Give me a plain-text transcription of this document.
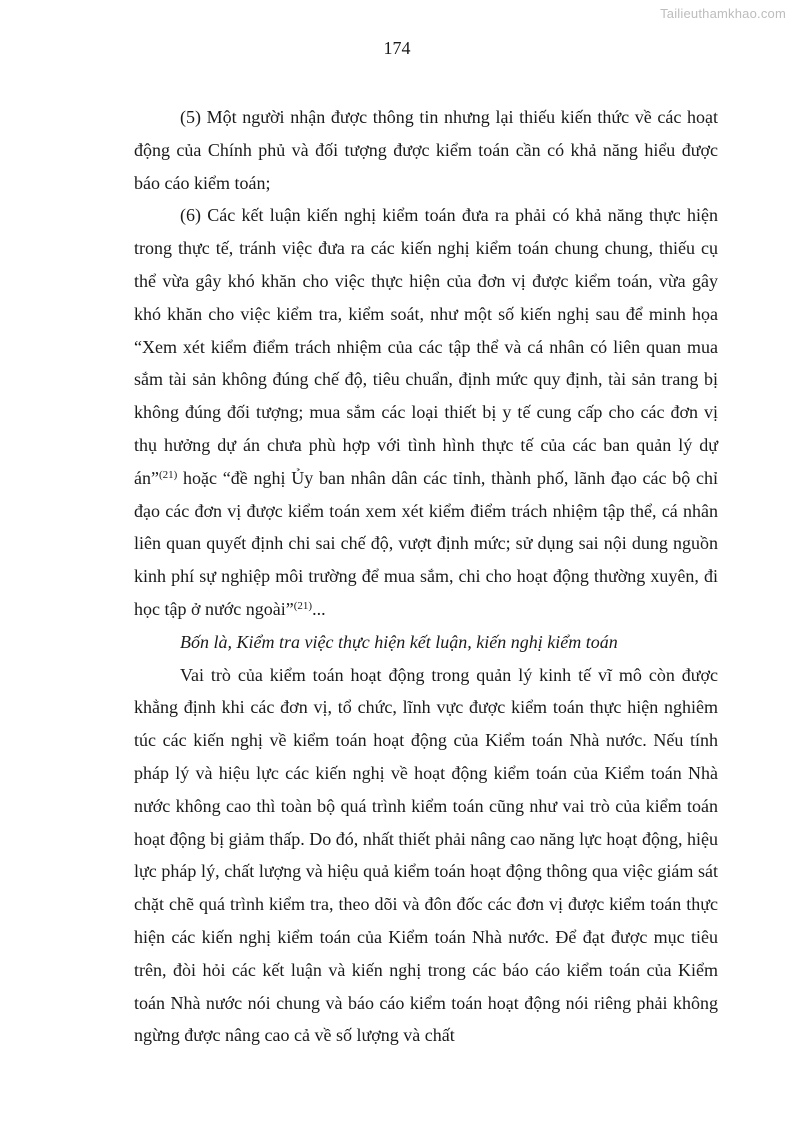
Tailieuthamkhao.com
174

(5) Một người nhận được thông tin nhưng lại thiếu kiến thức về các hoạt động của Chính phủ và đối tượng được kiểm toán cần có khả năng hiểu được báo cáo kiểm toán;

(6) Các kết luận kiến nghị kiểm toán đưa ra phải có khả năng thực hiện trong thực tế, tránh việc đưa ra các kiến nghị kiểm toán chung chung, thiếu cụ thể vừa gây khó khăn cho việc thực hiện của đơn vị được kiểm toán, vừa gây khó khăn cho việc kiểm tra, kiểm soát, như một số kiến nghị sau để minh họa “Xem xét kiểm điểm trách nhiệm của các tập thể và cá nhân có liên quan mua sắm tài sản không đúng chế độ, tiêu chuẩn, định mức quy định, tài sản trang bị không đúng đối tượng; mua sắm các loại thiết bị y tế cung cấp cho các đơn vị thụ hưởng dự án chưa phù hợp với tình hình thực tế của các ban quản lý dự án”$^{(21)}$ hoặc “đề nghị Ủy ban nhân dân các tỉnh, thành phố, lãnh đạo các bộ chỉ đạo các đơn vị được kiểm toán xem xét kiểm điểm trách nhiệm tập thể, cá nhân liên quan quyết định chi sai chế độ, vượt định mức; sử dụng sai nội dung nguồn kinh phí sự nghiệp môi trường để mua sắm, chi cho hoạt động thường xuyên, đi học tập ở nước ngoài”$^{(21)}$...

Bốn là, Kiểm tra việc thực hiện kết luận, kiến nghị kiểm toán

Vai trò của kiểm toán hoạt động trong quản lý kinh tế vĩ mô còn được khẳng định khi các đơn vị, tổ chức, lĩnh vực được kiểm toán thực hiện nghiêm túc các kiến nghị về kiểm toán hoạt động của Kiểm toán Nhà nước. Nếu tính pháp lý và hiệu lực các kiến nghị về hoạt động kiểm toán của Kiểm toán Nhà nước không cao thì toàn bộ quá trình kiểm toán cũng như vai trò của kiểm toán hoạt động bị giảm thấp. Do đó, nhất thiết phải nâng cao năng lực hoạt động, hiệu lực pháp lý, chất lượng và hiệu quả kiểm toán hoạt động thông qua việc giám sát chặt chẽ quá trình kiểm tra, theo dõi và đôn đốc các đơn vị được kiểm toán thực hiện các kiến nghị kiểm toán của Kiểm toán Nhà nước. Để đạt được mục tiêu trên, đòi hỏi các kết luận và kiến nghị trong các báo cáo kiểm toán của Kiểm toán Nhà nước nói chung và báo cáo kiểm toán hoạt động nói riêng phải không ngừng được nâng cao cả về số lượng và chất
